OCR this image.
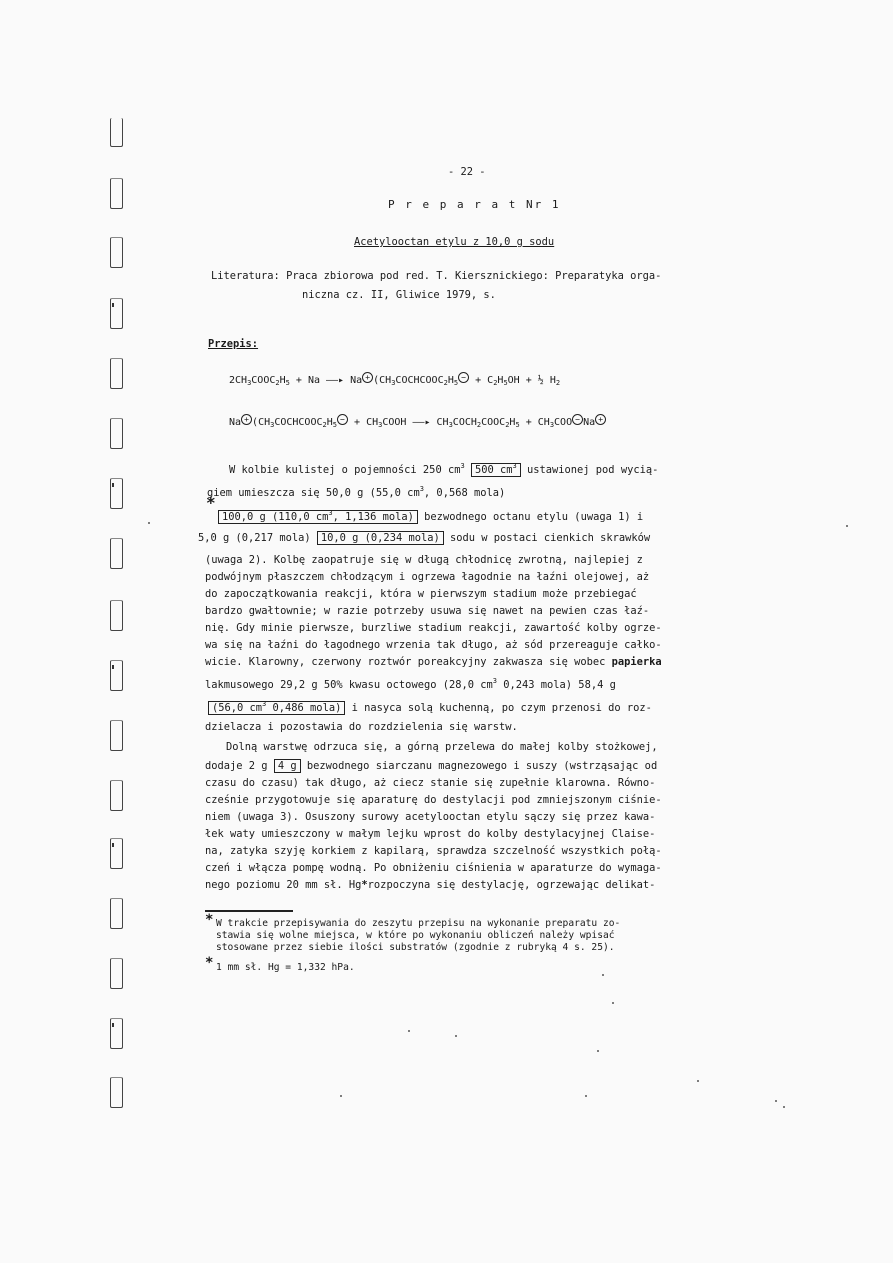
- 22 -
P r e p a r a t Nr 1
Acetylooctan etylu z 10,0 g sodu
Literatura: Praca zbiorowa pod red. T. Kiersznickiego: Preparatyka orga-
niczna cz. II, Gliwice 1979, s.
Przepis:
$2CH_3COOC_2H_5 + Na$ ——▸ $Na + (CH_3COCHCOOC_2H_5- + C_2H_5OH$ + ½ $H_2$
$Na + (CH_3COCHCOOC_2H_5-$ + $CH_3COOH$ ——▸ $CH_3COCH_2COOC_2H_5 + CH_3COO - Na$ +
W kolbie kulistej o pojemności 250 $cm^3$ 500 $cm^3$ ustawionej pod wycią-
giem umieszcza się 50,0 g (55,0 $cm^3$, 0,568 mola)
*
100,0 g (110,0 $cm^3$, 1,136 mola) bezwodnego octanu etylu (uwaga 1) i
5,0 g (0,217 mola) 10,0 g (0,234 mola) sodu w postaci cienkich skrawków
(uwaga 2). Kolbę zaopatruje się w długą chłodnicę zwrotną, najlepiej z
podwójnym płaszczem chłodzącym i ogrzewa łagodnie na łaźni olejowej, aż
do zapoczątkowania reakcji, która w pierwszym stadium może przebiegać
bardzo gwałtownie; w razie potrzeby usuwa się nawet na pewien czas łaź-
nię. Gdy minie pierwsze, burzliwe stadium reakcji, zawartość kolby ogrze-
wa się na łaźni do łagodnego wrzenia tak długo, aż sód przereaguje całko-
wicie. Klarowny, czerwony roztwór poreakcyjny zakwasza się wobec papierka
lakmusowego 29,2 g 50% kwasu octowego (28,0 $cm^3$ 0,243 mola) 58,4 g
(56,0 $cm^3$ 0,486 mola) i nasyca solą kuchenną, po czym przenosi do roz-
dzielacza i pozostawia do rozdzielenia się warstw.
Dolną warstwę odrzuca się, a górną przelewa do małej kolby stożkowej,
dodaje 2 g 4 g bezwodnego siarczanu magnezowego i suszy (wstrząsając od
czasu do czasu) tak długo, aż ciecz stanie się zupełnie klarowna. Równo-
cześnie przygotowuje się aparaturę do destylacji pod zmniejszonym ciśnie-
niem (uwaga 3). Osuszony surowy acetylooctan etylu sączy się przez kawa-
łek waty umieszczony w małym lejku wprost do kolby destylacyjnej Claise-
na, zatyka szyję korkiem z kapilarą, sprawdza szczelność wszystkich połą-
czeń i włącza pompę wodną. Po obniżeniu ciśnienia w aparaturze do wymaga-
nego poziomu 20 mm sł. Hg*rozpoczyna się destylację, ogrzewając delikat-
* W trakcie przepisywania do zeszytu przepisu na wykonanie preparatu zo-
stawia się wolne miejsca, w które po wykonaniu obliczeń należy wpisać
stosowane przez siebie ilości substratów (zgodnie z rubryką 4 s. 25).
* 1 mm sł. Hg = 1,332 hPa.
